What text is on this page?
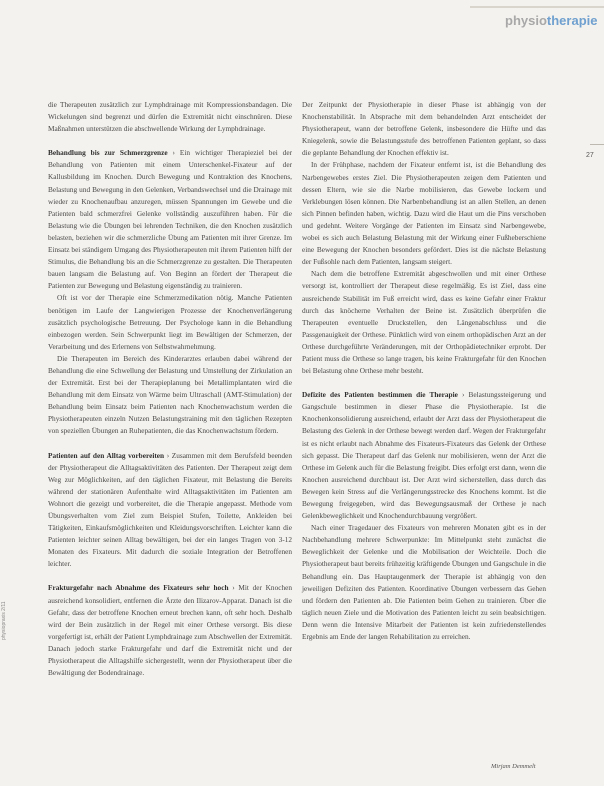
physiotherapie
27

die Therapeuten zusätzlich zur Lymphdrainage mit Kompressionsbandagen. Die Wickelungen sind begrenzt und dürfen die Extremität nicht einschnüren. Diese Maßnahmen unterstützen die abschwellende Wirkung der Lymphdrainage.

Behandlung bis zur Schmerzgrenze › Ein wichtiger Therapieziel bei der Behandlung von Patienten mit einem Unterschenkel-Fixateur auf der Kallusbildung im Knochen. Durch Bewegung und Kontraktion des Knochens, Belastung und Bewegung in den Gelenken, Verbandswechsel und die Drainage mit wieder zu Knochenaufbau anzuregen, müssen Spannungen im Gewebe und die Patienten bald schmerzfrei Gelenke vollständig auszuführen haben. Für die Belastung wie die Übungen bei lehrenden Techniken, die den Knochen zusätzlich belasten, beziehen wir die schmerzliche Übung am Patienten mit ihrer Grenze. Im Einsatz bei ständigem Umgang des Physiotherapeuten mit ihrem Patienten hilft der Stimulus, die Behandlung bis an die Schmerzgrenze zu gestalten. Die Therapeuten bauen langsam die Belastung auf. Von Beginn an fördert der Therapeut die Patienten zur Bewegung und Belastung eigenständig zu trainieren.

Oft ist vor der Therapie eine Schmerzmedikation nötig. Manche Patienten benötigen im Laufe der Langwierigen Prozesse der Knochenverlängerung zusätzlich psychologische Betreuung. Der Psychologe kann in die Behandlung einbezogen werden. Sein Schwerpunkt liegt im Bewältigen der Schmerzen, der Verarbeitung und des Erlernens von Selbstwahrnehmung.

Die Therapeuten im Bereich des Kinderarztes erlauben dabei während der Behandlung die eine Schwellung der Belastung und Umstellung der Zirkulation an der Extremität. Erst bei der Therapieplanung bei Metallimplantaten wird die Behandlung mit dem Einsatz von Wärme beim Ultraschall (AMT-Stimulation) der Behandlung beim Einsatz beim Patienten nach Knochenwachstum werden die Physiotherapeuten einzeln Nutzen Belastungstraining mit den täglichen Rezepten von speziellen Übungen an Ruhepatienten, die das Knochenwachstum fördern.

Patienten auf den Alltag vorbereiten › Zusammen mit dem Berufsfeld beenden der Physiotherapeut die Alltagsaktivitäten des Patienten. Der Therapeut zeigt dem Weg zur Möglichkeiten, auf den täglichen Fixateur, mit Belastung die Bereits während der stationären Aufenthalte wird Alltagsaktivitäten im Patienten am Wohnort die gezeigt und vorbereitet, die die Therapie angepasst. Methode vom Übungsverhalten vom Ziel zum Beispiel Stufen, Toilette, Ankleiden bei Tätigkeiten, Einkaufsmöglichkeiten und Kleidungsvorschriften. Leichter kann die Patienten leichter seinen Alltag bewältigen, bei der ein langes Tragen von 3-12 Monaten des Fixateurs. Mit dadurch die soziale Integration der Betroffenen leichter.

Frakturgefahr nach Abnahme des Fixateurs sehr hoch › Mit der Knochen ausreichend konsolidiert, entfernen die Ärzte den Ilizarov-Apparat. Danach ist die Gefahr, dass der betroffene Knochen erneut brechen kann, oft sehr hoch. Deshalb wird der Bein zusätzlich in der Regel mit einer Orthese versorgt. Bis diese vorgefertigt ist, erhält der Patient Lymphdrainage zum Abschwellen der Extremität. Danach jedoch starke Frakturgefahr und darf die Extremität nicht und der Physiotherapeut die Alltagshilfe sichergestellt, wenn der Physiotherapeut über die Bewältigung der Bodendrainage.

Der Zeitpunkt der Physiotherapie in dieser Phase ist abhängig von der Knochenstabilität. In Absprache mit dem behandelnden Arzt entscheidet der Physiotherapeut, wann der betroffene Gelenk, insbesondere die Hüfte und das Kniegelenk, sowie die Belastungsstufe des betroffenen Patienten geplant, so dass die geplante Behandlung der Knochen effektiv ist.

In der Frühphase, nachdem der Fixateur entfernt ist, ist die Behandlung des Narbengewebes erstes Ziel. Die Physiotherapeuten zeigen dem Patienten und dessen Eltern, wie sie die Narbe mobilisieren, das Gewebe lockern und Verklebungen lösen können. Die Narbenbehandlung ist an allen Stellen, an denen sich Pinnen befinden haben, wichtig. Dazu wird die Haut um die Pins verschoben und gedehnt. Weitere Vorgänge der Patienten im Einsatz sind Narbengewebe, wobei es sich auch Belastung Belastung mit der Wirkung einer Fußheberschiene eine Bewegung der Knochen besonders gefördert. Dies ist die nächste Belastung der Fußsohle nach dem Patienten, langsam steigert.

Nach dem die betroffene Extremität abgeschwollen und mit einer Orthese versorgt ist, kontrolliert der Therapeut diese regelmäßig. Es ist Ziel, dass eine ausreichende Stabilität im Fuß erreicht wird, dass es keine Gefahr einer Fraktur durch das knöcherne Verhalten der Beine ist. Zusätzlich überprüfen die Therapeuten eventuelle Druckstellen, den Längenabschluss und die Passgenauigkeit der Orthese. Pünktlich wird von einem orthopädischen Arzt an der Orthese durchgeführte Veränderungen, mit der Orthopädietechniker erprobt. Der Patient muss die Orthese so lange tragen, bis keine Frakturgefahr für den Knochen bei Belastung ohne Orthese mehr besteht.

Defizite des Patienten bestimmen die Therapie › Belastungssteigerung und Gangschule bestimmen in dieser Phase die Physiotherapie. Ist die Knochenkonsolidierung ausreichend, erlaubt der Arzt dass der Physiotherapeut die Belastung des Gelenk in der Orthese bewegt werden darf. Wegen der Frakturgefahr ist es nicht erlaubt nach Abnahme des Fixateurs-Fixateurs das Gelenk der Orthese sich gepasst. Die Therapeut darf das Gelenk nur mobilisieren, wenn der Arzt die Orthese im Gelenk auch für die Belastung freigibt. Dies erfolgt erst dann, wenn die Knochen ausreichend durchbaut ist. Der Arzt wird sicherstellen, dass durch das Bewegen kein Stress auf die Verlängerungsstrecke des Knochens kommt. Ist die Bewegung freigegeben, wird das Bewegungsausmaß der Orthese je nach Gelenkbeweglichkeit und Knochendurchbauung vergrößert.

Nach einer Tragedauer des Fixateurs von mehreren Monaten gibt es in der Nachbehandlung mehrere Schwerpunkte: Im Mittelpunkt steht zunächst die Beweglichkeit der Gelenke und die Mobilisation der Weichteile. Doch die Physiotherapeut baut bereits frühzeitig kräftigende Übungen und Gangschule in die Behandlung ein. Das Hauptaugenmerk der Therapie ist abhängig von den jeweiligen Defiziten des Patienten. Koordinative Übungen verbessern das Gehen und fördern den Patienten ab. Die Patienten beim Gehen zu trainieren. Über die täglich neuen Ziele und die Motivation des Patienten leicht zu sein beabsichtigen. Denn wenn die Intensive Mitarbeit der Patienten ist kein zufriedenstellendes Ergebnis am Ende der langen Rehabilitation zu erreichen.

Mirjam Demmelt
physiopraxis 2/11
